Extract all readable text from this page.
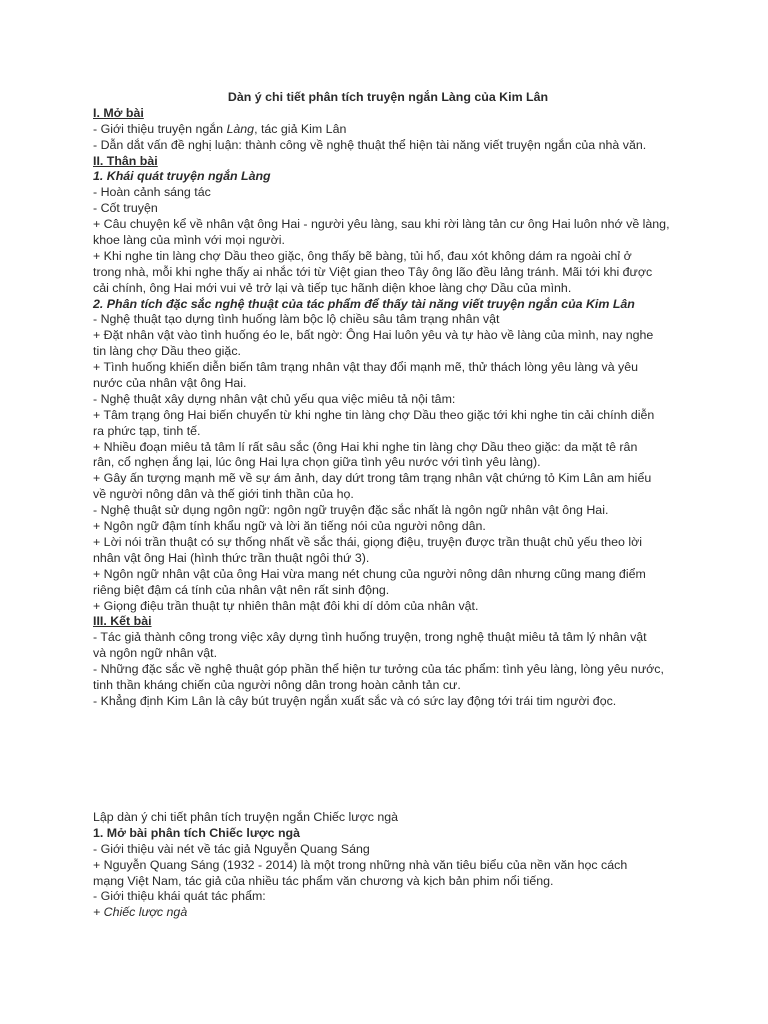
Dàn ý chi tiết phân tích truyện ngắn Làng của Kim Lân
I. Mở bài
- Giới thiệu truyện ngắn Làng, tác giả Kim Lân
- Dẫn dắt vấn đề nghị luận: thành công về nghệ thuật thể hiện tài năng viết truyện ngắn của nhà văn.
II. Thân bài
1. Khái quát truyện ngắn Làng
- Hoàn cảnh sáng tác
- Cốt truyện
+ Câu chuyện kể về nhân vật ông Hai - người yêu làng, sau khi rời làng tản cư ông Hai luôn nhớ về làng,
khoe làng của mình với mọi người.
+ Khi nghe tin làng chợ Dầu theo giặc, ông thấy bẽ bàng, tủi hổ, đau xót không dám ra ngoài chỉ ở
trong nhà, mỗi khi nghe thấy ai nhắc tới từ Việt gian theo Tây ông lão đều lảng tránh. Mãi tới khi được
cải chính, ông Hai mới vui vẻ trở lại và tiếp tục hãnh diện khoe làng chợ Dầu của mình.
2. Phân tích đặc sắc nghệ thuật của tác phẩm để thấy tài năng viết truyện ngắn của Kim Lân
- Nghệ thuật tạo dựng tình huống làm bộc lộ chiều sâu tâm trạng nhân vật
+ Đặt nhân vật vào tình huống éo le, bất ngờ: Ông Hai luôn yêu và tự hào về làng của mình, nay nghe
tin làng chợ Dầu theo giặc.
+ Tình huống khiến diễn biến tâm trạng nhân vật thay đổi mạnh mẽ, thử thách lòng yêu làng và yêu
nước của nhân vật ông Hai.
- Nghệ thuật xây dựng nhân vật chủ yếu qua việc miêu tả nội tâm:
+ Tâm trạng ông Hai biến chuyển từ khi nghe tin làng chợ Dầu theo giặc tới khi nghe tin cải chính diễn
ra phức tạp, tinh tế.
+ Nhiều đoạn miêu tả tâm lí rất sâu sắc (ông Hai khi nghe tin làng chợ Dầu theo giặc: da mặt tê rân
rân, cổ nghẹn ắng lại, lúc ông Hai lựa chọn giữa tình yêu nước với tình yêu làng).
+ Gây ấn tượng mạnh mẽ về sự ám ảnh, day dứt trong tâm trạng nhân vật chứng tỏ Kim Lân am hiểu
về người nông dân và thế giới tinh thần của họ.
- Nghệ thuật sử dụng ngôn ngữ: ngôn ngữ truyện đặc sắc nhất là ngôn ngữ nhân vật ông Hai.
+ Ngôn ngữ đậm tính khẩu ngữ và lời ăn tiếng nói của người nông dân.
+ Lời nói trần thuật có sự thống nhất về sắc thái, giọng điệu, truyện được trần thuật chủ yếu theo lời
nhân vật ông Hai (hình thức trần thuật ngôi thứ 3).
+ Ngôn ngữ nhân vật của ông Hai vừa mang nét chung của người nông dân nhưng cũng mang điểm
riêng biệt đậm cá tính của nhân vật nên rất sinh động.
+ Giọng điệu trần thuật tự nhiên thân mật đôi khi dí dỏm của nhân vật.
III. Kết bài
- Tác giả thành công trong việc xây dựng tình huống truyện, trong nghệ thuật miêu tả tâm lý nhân vật
và ngôn ngữ nhân vật.
- Những đặc sắc về nghệ thuật góp phần thể hiện tư tưởng của tác phẩm: tình yêu làng, lòng yêu nước,
tinh thần kháng chiến của người nông dân trong hoàn cảnh tản cư.
- Khẳng định Kim Lân là cây bút truyện ngắn xuất sắc và có sức lay động tới trái tim người đọc.
Lập dàn ý chi tiết phân tích truyện ngắn Chiếc lược ngà
1. Mở bài phân tích Chiếc lược ngà
- Giới thiệu vài nét về tác giả Nguyễn Quang Sáng
+ Nguyễn Quang Sáng (1932 - 2014) là một trong những nhà văn tiêu biểu của nền văn học cách
mạng Việt Nam, tác giả của nhiều tác phẩm văn chương và kịch bản phim nổi tiếng.
- Giới thiệu khái quát tác phẩm:
+ Chiếc lược ngà
